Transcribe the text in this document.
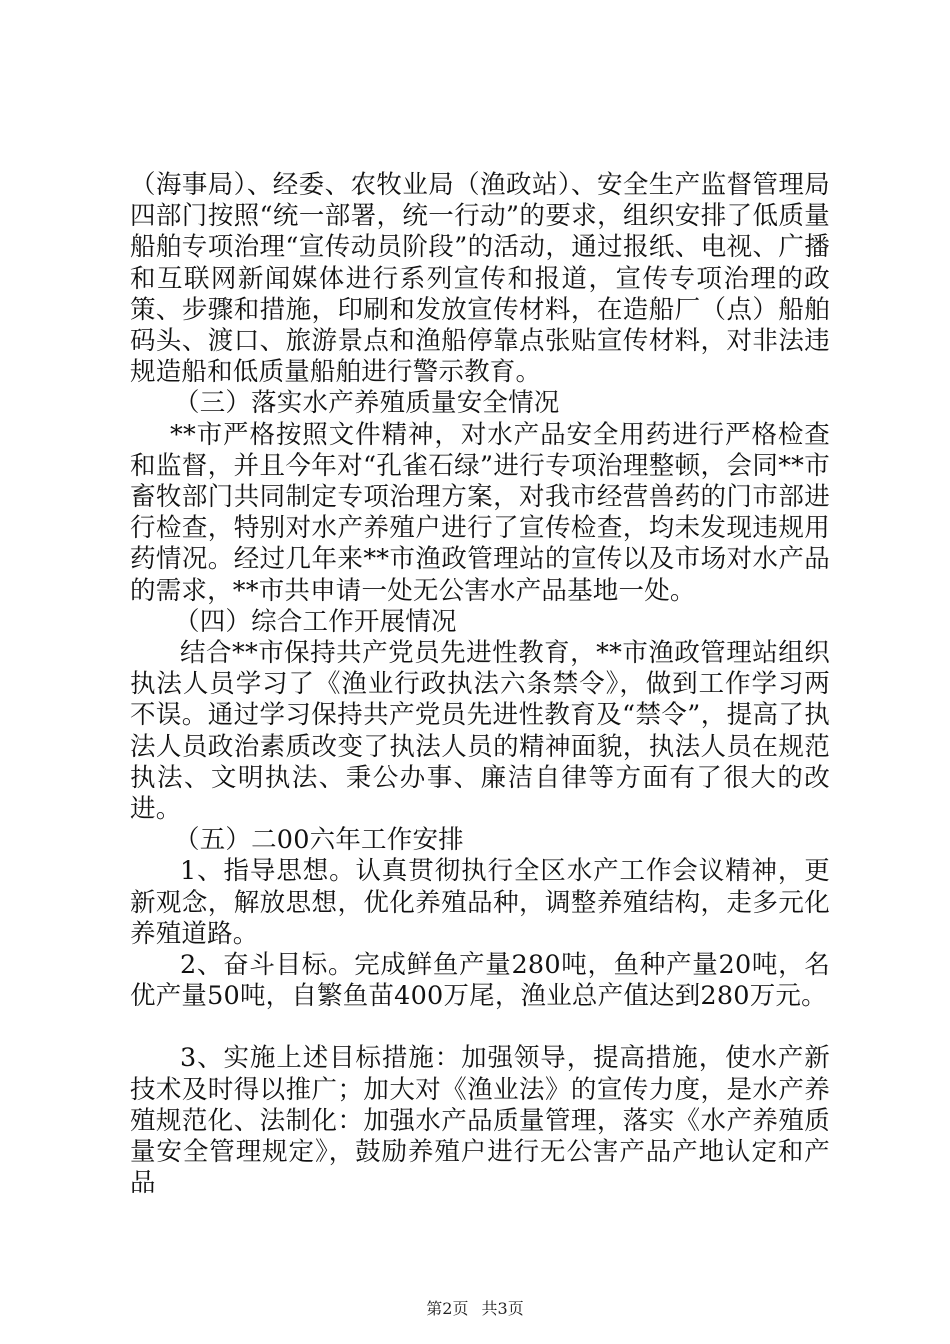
（海事局）、经委、农牧业局（渔政站）、安全生产监督管理局四部门按照“统一部署，统一行动”的要求，组织安排了低质量船舶专项治理“宣传动员阶段”的活动，通过报纸、电视、广播和互联网新闻媒体进行系列宣传和报道，宣传专项治理的政策、步骤和措施，印刷和发放宣传材料，在造船厂（点）船舶码头、渡口、旅游景点和渔船停靠点张贴宣传材料，对非法违规造船和低质量船舶进行警示教育。

（三）落实水产养殖质量安全情况

**市严格按照文件精神，对水产品安全用药进行严格检查和监督，并且今年对“孔雀石绿”进行专项治理整顿，会同**市畜牧部门共同制定专项治理方案，对我市经营兽药的门市部进行检查，特别对水产养殖户进行了宣传检查，均未发现违规用药情况。经过几年来**市渔政管理站的宣传以及市场对水产品的需求，**市共申请一处无公害水产品基地一处。

（四）综合工作开展情况

结合**市保持共产党员先进性教育，**市渔政管理站组织执法人员学习了《渔业行政执法六条禁令》，做到工作学习两不误。通过学习保持共产党员先进性教育及“禁令”，提高了执法人员政治素质改变了执法人员的精神面貌，执法人员在规范执法、文明执法、秉公办事、廉洁自律等方面有了很大的改进。

（五）二00六年工作安排

1、指导思想。认真贯彻执行全区水产工作会议精神，更新观念，解放思想，优化养殖品种，调整养殖结构，走多元化养殖道路。

2、奋斗目标。完成鲜鱼产量280吨，鱼种产量20吨，名优产量50吨，自繁鱼苗400万尾，渔业总产值达到280万元。

3、实施上述目标措施：加强领导，提高措施，使水产新技术及时得以推广；加大对《渔业法》的宣传力度，是水产养殖规范化、法制化：加强水产品质量管理，落实《水产养殖质量安全管理规定》，鼓励养殖户进行无公害产品产地认定和产品

第2页 共3页
